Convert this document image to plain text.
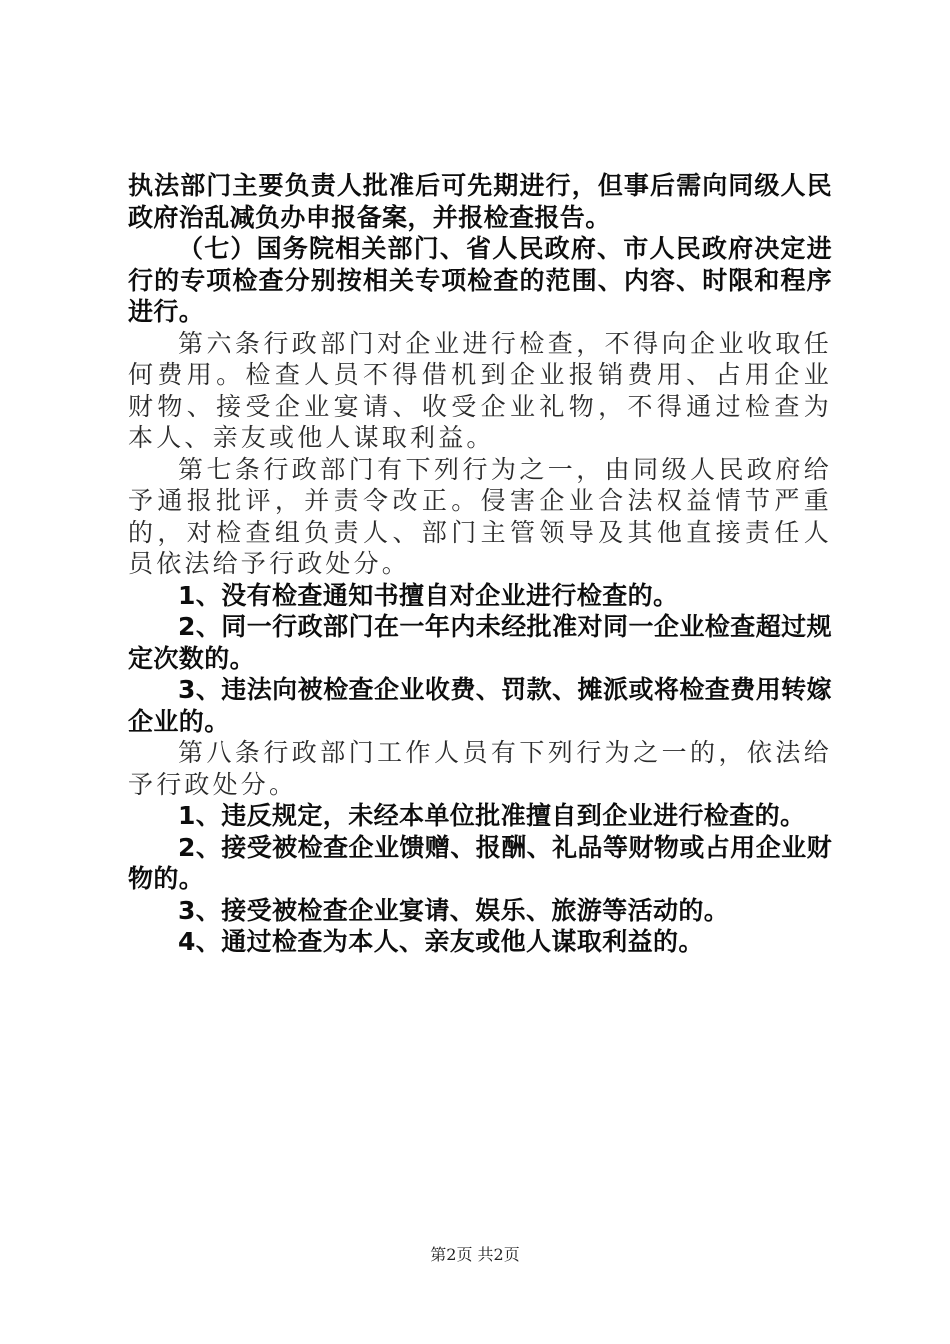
执法部门主要负责人批准后可先期进行，但事后需向同级人民政府治乱减负办申报备案，并报检查报告。

（七）国务院相关部门、省人民政府、市人民政府决定进行的专项检查分别按相关专项检查的范围、内容、时限和程序进行。

第六条行政部门对企业进行检查，不得向企业收取任何费用。检查人员不得借机到企业报销费用、占用企业财物、接受企业宴请、收受企业礼物，不得通过检查为本人、亲友或他人谋取利益。

第七条行政部门有下列行为之一，由同级人民政府给予通报批评，并责令改正。侵害企业合法权益情节严重的，对检查组负责人、部门主管领导及其他直接责任人员依法给予行政处分。

1、没有检查通知书擅自对企业进行检查的。

2、同一行政部门在一年内未经批准对同一企业检查超过规定次数的。

3、违法向被检查企业收费、罚款、摊派或将检查费用转嫁企业的。

第八条行政部门工作人员有下列行为之一的，依法给予行政处分。

1、违反规定，未经本单位批准擅自到企业进行检查的。

2、接受被检查企业馈赠、报酬、礼品等财物或占用企业财物的。

3、接受被检查企业宴请、娱乐、旅游等活动的。

4、通过检查为本人、亲友或他人谋取利益的。

第2页 共2页
